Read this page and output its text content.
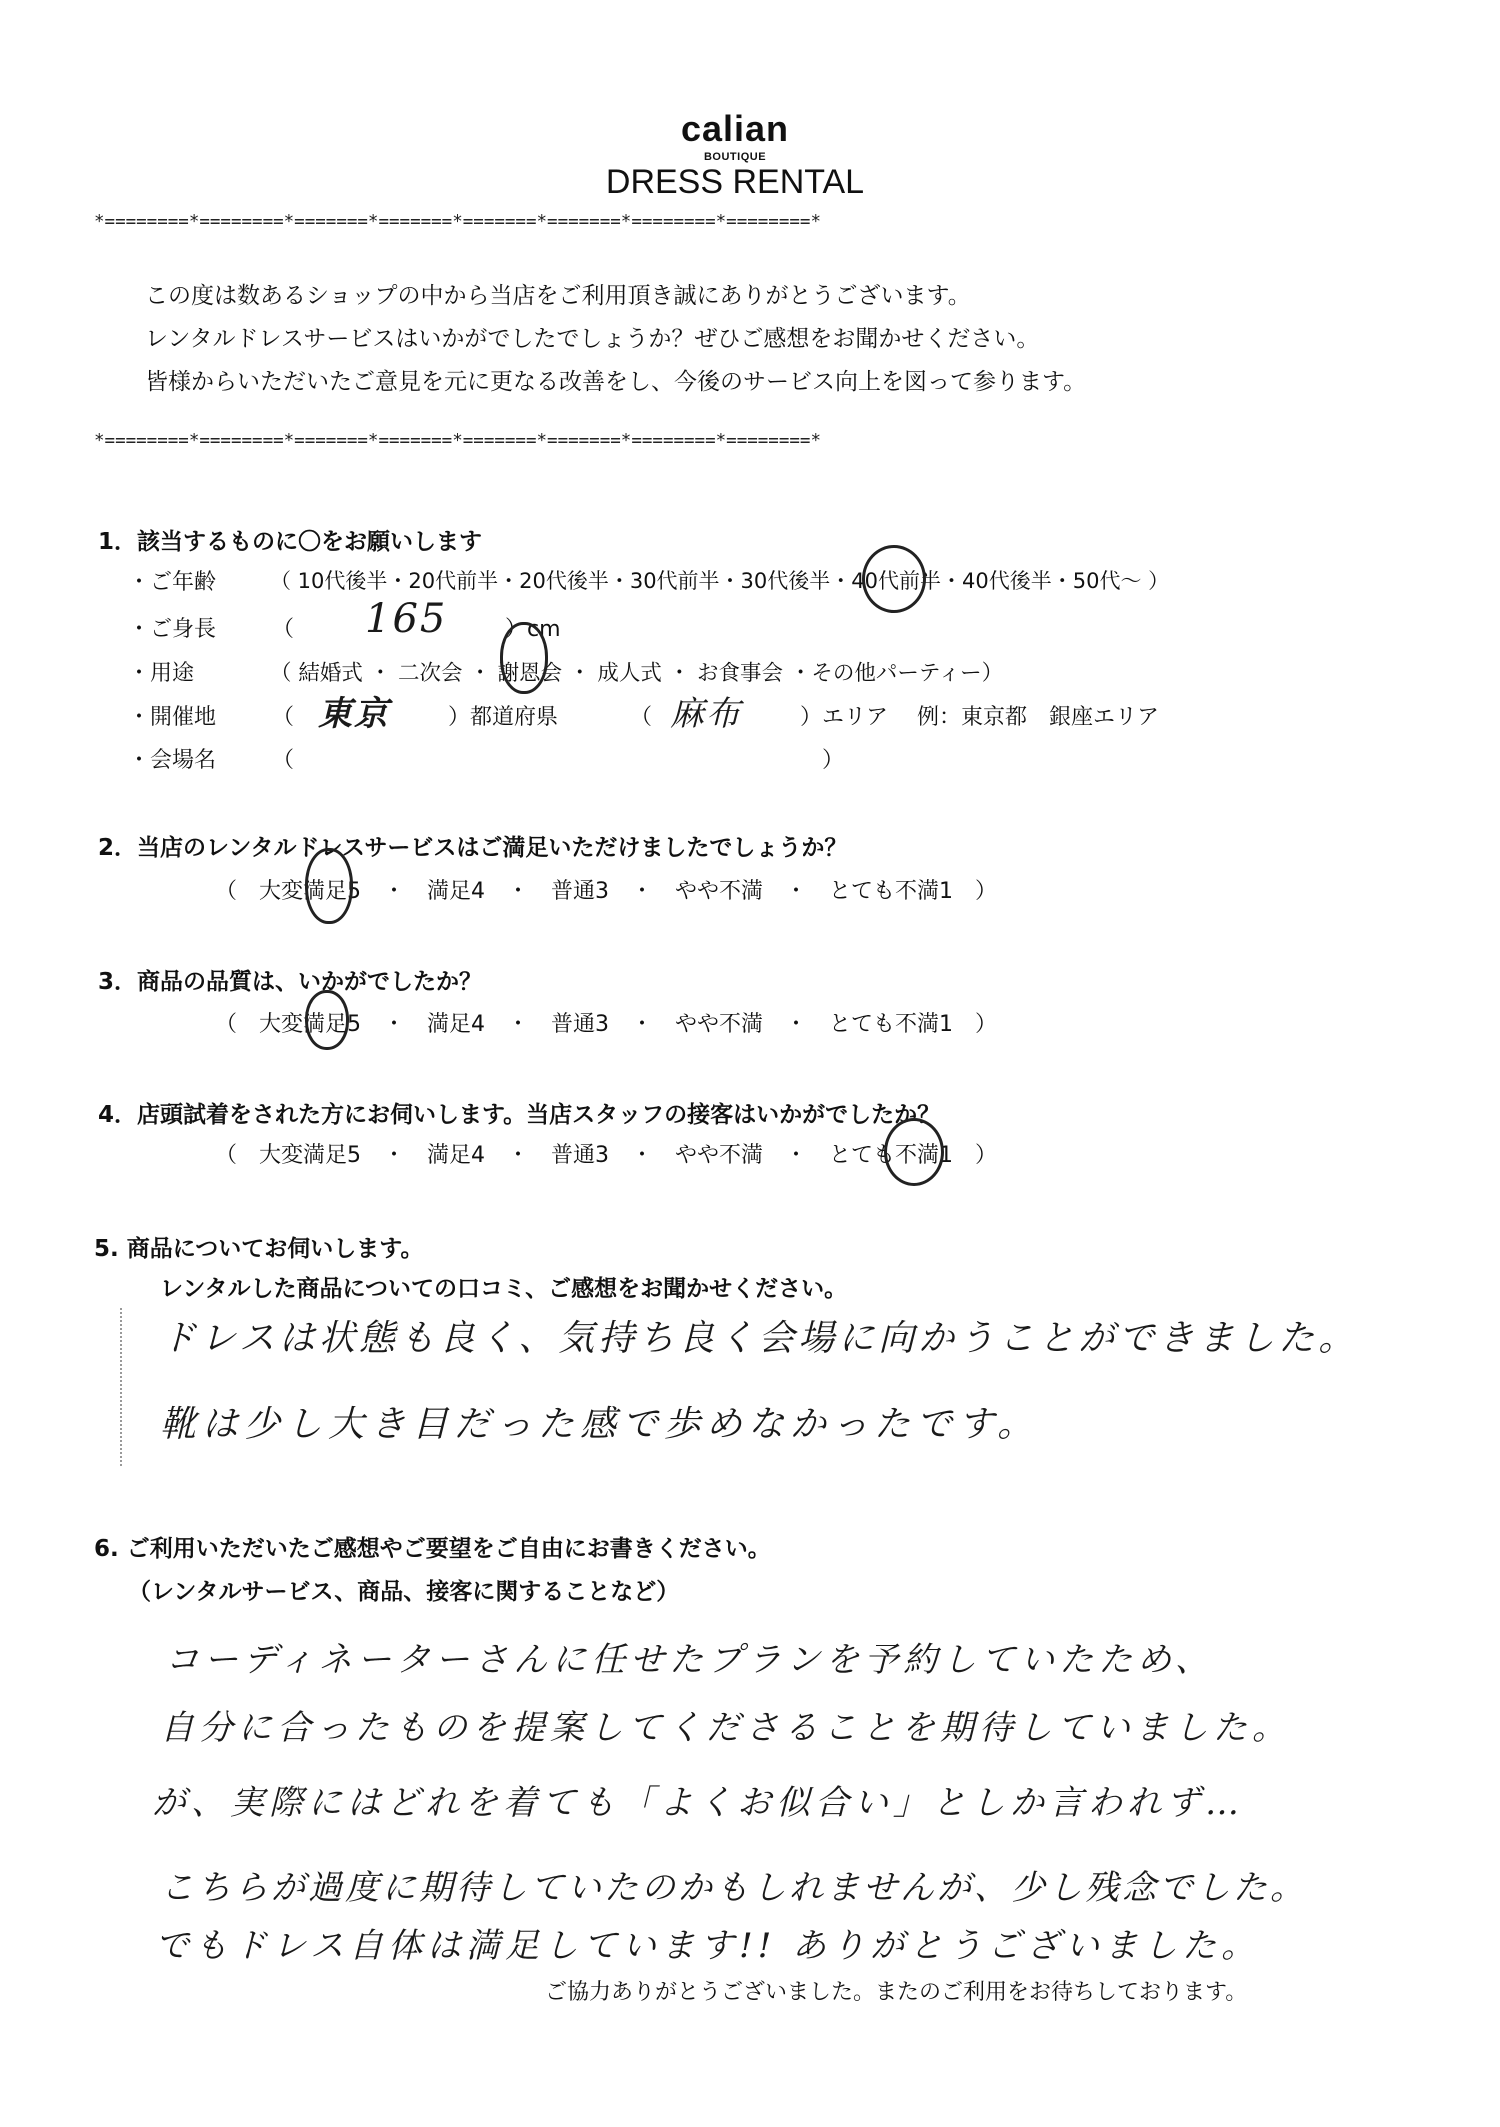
calian
BOUTIQUE
DRESS RENTAL
*========*========*=======*=======*=======*=======*========*========*
この度は数あるショップの中から当店をご利用頂き誠にありがとうございます。
レンタルドレスサービスはいかがでしたでしょうか？ぜひご感想をお聞かせください。
皆様からいただいたご意見を元に更なる改善をし、今後のサービス向上を図って参ります。
*========*========*=======*=======*=======*=======*========*========*
1．該当するものに〇をお願いします
・ご年齢	（ 10代後半・20代前半・20代後半・30代前半・30代後半・40代前半・40代後半・50代～ ）
・ご身長	（ 165	）cm
・用途	（ 結婚式 ・ 二次会 ・ 謝恩会 ・ 成人式 ・ お食事会 ・その他パーティー）
・開催地	（ 東京	）都道府県	（ 麻布	）エリア　 例：東京都　銀座エリア
・会場名	（　　　　　　　　　　　　　　　　　　　　　　　　）
2．当店のレンタルドレスサービスはご満足いただけましたでしょうか？
（　大変満足5　・　満足4　・　普通3　・　やや不満　・　とても不満1　）
3．商品の品質は、いかがでしたか？
（　大変満足5　・　満足4　・　普通3　・　やや不満　・　とても不満1　）
4．店頭試着をされた方にお伺いします。当店スタッフの接客はいかがでしたか？
（　大変満足5　・　満足4　・　普通3　・　やや不満　・　とても不満1　）
5. 商品についてお伺いします。
レンタルした商品についての口コミ、ご感想をお聞かせください。
ドレスは状態も良く、気持ち良く会場に向かうことができました。
靴は少し大き目だった感で歩めなかったです。
6. ご利用いただいたご感想やご要望をご自由にお書きください。
（レンタルサービス、商品、接客に関することなど）
コーディネーターさんに任せたプランを予約していたため、
自分に合ったものを提案してくださることを期待していました。
が、実際にはどれを着ても「よくお似合い」としか言われず…
こちらが過度に期待していたのかもしれませんが、少し残念でした。
でもドレス自体は満足しています!! ありがとうございました。
ご協力ありがとうございました。またのご利用をお待ちしております。
